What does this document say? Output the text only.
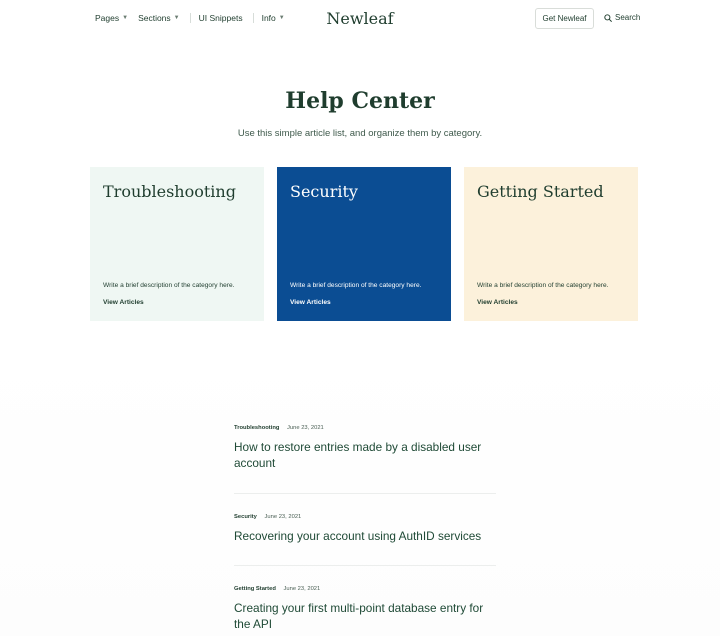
Pages ▼ Sections ▼ UI Snippets Info ▼	Newleaf	Get Newleaf	Search
Help Center

Use this simple article list, and organize them by category.

Troubleshooting
Write a brief description of the category here.
View Articles
Security
Write a brief description of the category here.
View Articles
Getting Started
Write a brief description of the category here.
View Articles
Troubleshooting June 23, 2021
How to restore entries made by a disabled user account
Security June 23, 2021
Recovering your account using AuthID services
Getting Started June 23, 2021
Creating your first multi-point database entry for the API
